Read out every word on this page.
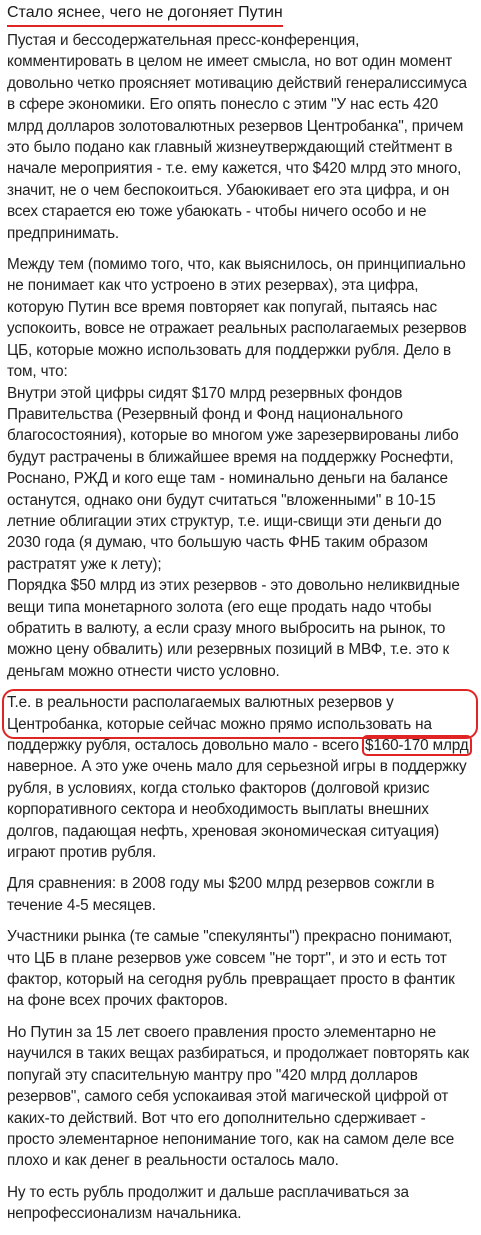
Стало яснее, чего не догоняет Путин

Пустая и бессодержательная пресс-конференция, комментировать в целом не имеет смысла, но вот один момент довольно четко проясняет мотивацию действий генералиссимуса в сфере экономики. Его опять понесло с этим "У нас есть 420 млрд долларов золотовалютных резервов Центробанка", причем это было подано как главный жизнеутверждающий стейтмент в начале мероприятия - т.е. ему кажется, что $420 млрд это много, значит, не о чем беспокоиться. Убаюкивает его эта цифра, и он всех старается ею тоже убаюкать - чтобы ничего особо и не предпринимать.

Между тем (помимо того, что, как выяснилось, он принципиально не понимает как что устроено в этих резервах), эта цифра, которую Путин все время повторяет как попугай, пытаясь нас успокоить, вовсе не отражает реальных располагаемых резервов ЦБ, которые можно использовать для поддержки рубля. Дело в том, что:

Внутри этой цифры сидят $170 млрд резервных фондов Правительства (Резервный фонд и Фонд национального благосостояния), которые во многом уже зарезервированы либо будут растрачены в ближайшее время на поддержку Роснефти, Роснано, РЖД и кого еще там - номинально деньги на балансе останутся, однако они будут считаться "вложенными" в 10-15 летние облигации этих структур, т.е. ищи-свищи эти деньги до 2030 года (я думаю, что большую часть ФНБ таким образом растратят уже к лету);

Порядка $50 млрд из этих резервов - это довольно неликвидные вещи типа монетарного золота (его еще продать надо чтобы обратить в валюту, а если сразу много выбросить на рынок, то можно цену обвалить) или резервных позиций в МВФ, т.е. это к деньгам можно отнести чисто условно.

Т.е. в реальности располагаемых валютных резервов у Центробанка, которые сейчас можно прямо использовать на поддержку рубля, осталось довольно мало - всего $160-170 млрд наверное. А это уже очень мало для серьезной игры в поддержку рубля, в условиях, когда столько факторов (долговой кризис корпоративного сектора и необходимость выплаты внешних долгов, падающая нефть, хреновая экономическая ситуация) играют против рубля.

Для сравнения: в 2008 году мы $200 млрд резервов сожгли в течение 4-5 месяцев.

Участники рынка (те самые "спекулянты") прекрасно понимают, что ЦБ в плане резервов уже совсем "не торт", и это и есть тот фактор, который на сегодня рубль превращает просто в фантик на фоне всех прочих факторов.

Но Путин за 15 лет своего правления просто элементарно не научился в таких вещах разбираться, и продолжает повторять как попугай эту спасительную мантру про "420 млрд долларов резервов", самого себя успокаивая этой магической цифрой от каких-то действий. Вот что его дополнительно сдерживает - просто элементарное непонимание того, как на самом деле все плохо и как денег в реальности осталось мало.

Ну то есть рубль продолжит и дальше расплачиваться за непрофессионализм начальника.
